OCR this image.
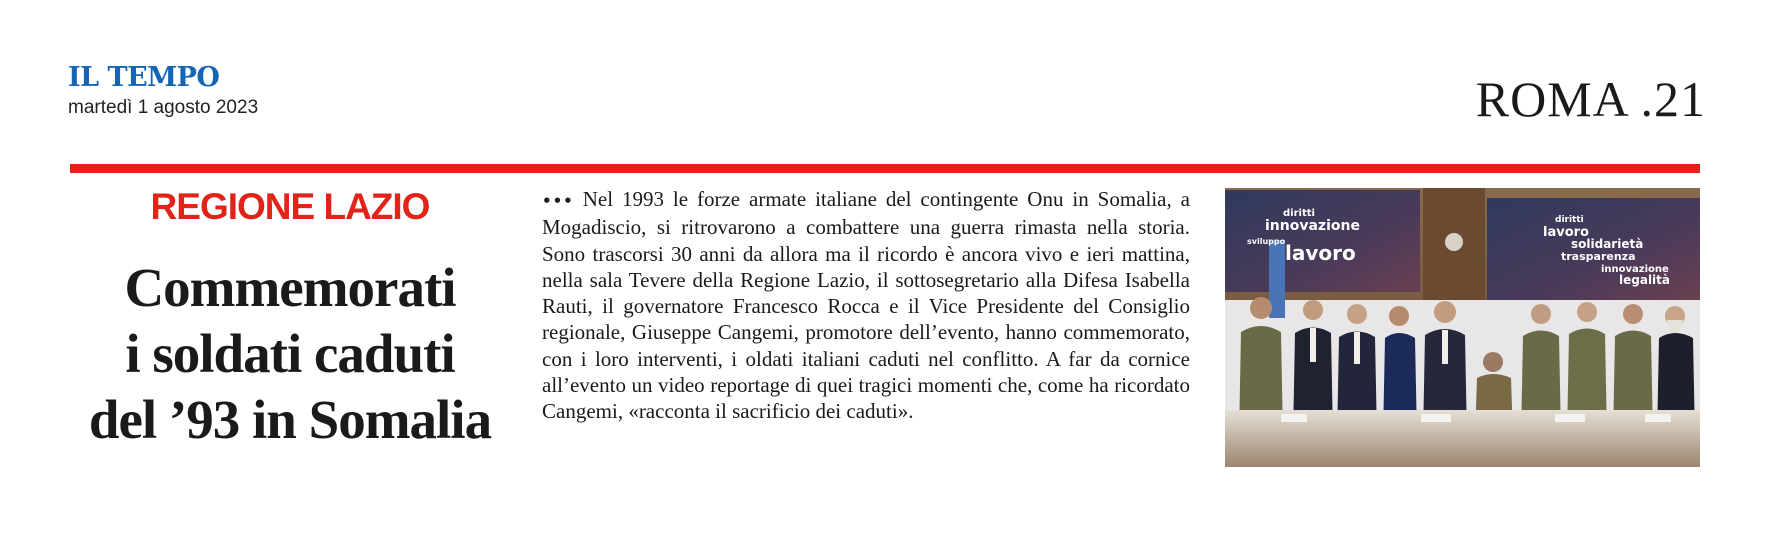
IL TEMPO
martedì 1 agosto 2023	ROMA .21
REGIONE LAZIO
Commemorati
i soldati caduti
del ’93 in Somalia

••• Nel 1993 le forze armate italiane del contingente Onu in Somalia, a Mogadiscio, si ritrovarono a combattere una guerra rimasta nella storia. Sono trascorsi 30 anni da allora ma il ricordo è ancora vivo e ieri mattina, nella sala Tevere della Regione Lazio, il sottosegretario alla Difesa Isabella Rauti, il governatore Francesco Rocca e il Vice Presidente del Consiglio regionale, Giuseppe Cangemi, promotore dell’evento, hanno commemorato, con i loro interventi, i oldati italiani caduti nel conflitto. A far da cornice all’evento un video reportage di quei tragici momenti che, come ha ricordato Cangemi, «racconta il sacrificio dei caduti».

diritti
innovazione
sviluppo lavoro
diritti
lavoro
solidarietà
trasparenza
innovazione
legalità
